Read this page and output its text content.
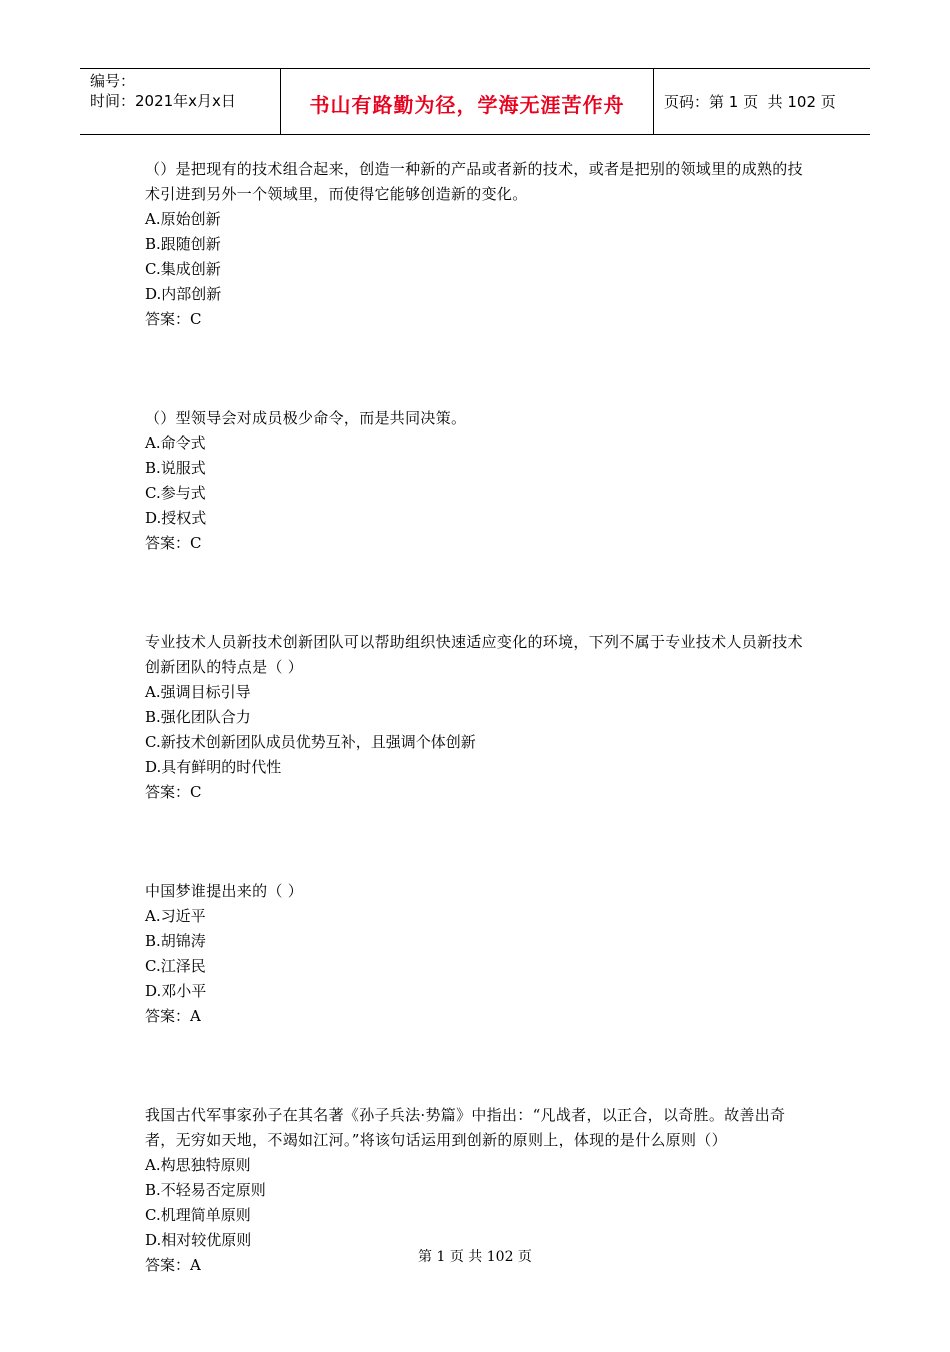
编号：
时间：2021年x月x日	书山有路勤为径，学海无涯苦作舟	页码：第 1 页  共 102 页

（）是把现有的技术组合起来，创造一种新的产品或者新的技术，或者是把别的领域里的成熟的技术引进到另外一个领域里，而使得它能够创造新的变化。

A.原始创新

B.跟随创新

C.集成创新

D.内部创新

答案：C

（）型领导会对成员极少命令，而是共同决策。

A.命令式

B.说服式

C.参与式

D.授权式

答案：C

专业技术人员新技术创新团队可以帮助组织快速适应变化的环境，下列不属于专业技术人员新技术创新团队的特点是（ ）

A.强调目标引导

B.强化团队合力

C.新技术创新团队成员优势互补，且强调个体创新

D.具有鲜明的时代性

答案：C

中国梦谁提出来的（ ）

A.习近平

B.胡锦涛

C.江泽民

D.邓小平

答案：A

我国古代军事家孙子在其名著《孙子兵法·势篇》中指出：“凡战者，以正合，以奇胜。故善出奇者，无穷如天地，不竭如江河。”将该句话运用到创新的原则上，体现的是什么原则（）

A.构思独特原则

B.不轻易否定原则

C.机理简单原则

D.相对较优原则

答案：A	第 1 页 共 102 页
